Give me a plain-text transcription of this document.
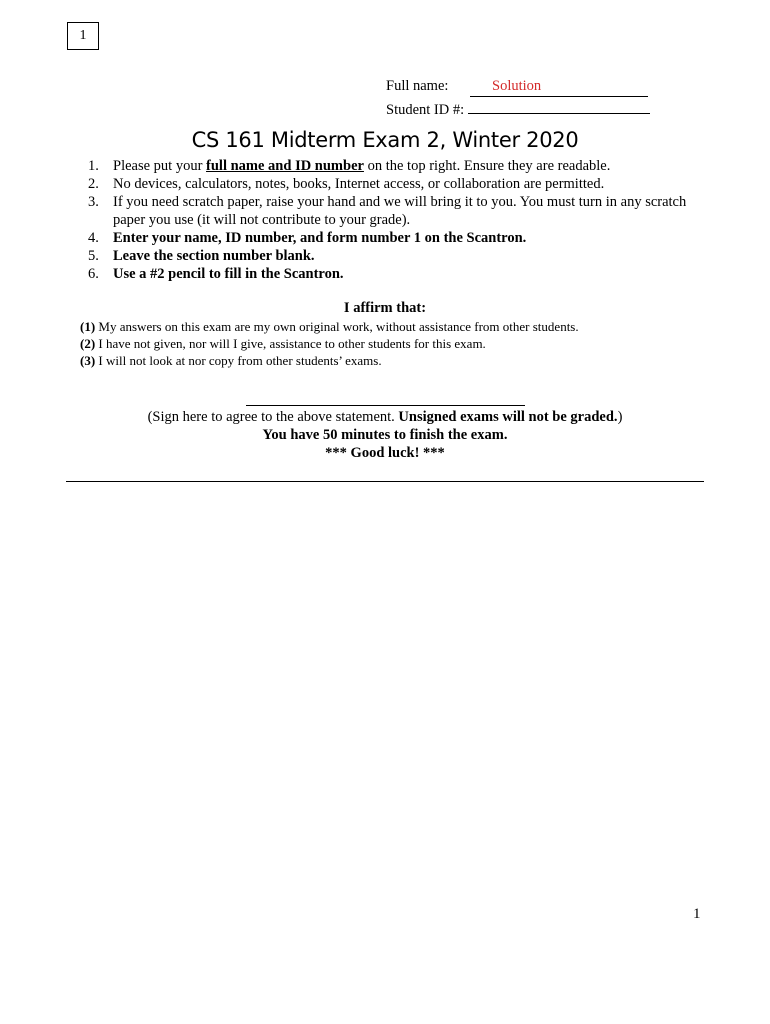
1
Full name:	Solution
Student ID #:
CS 161 Midterm Exam 2, Winter 2020
1. Please put your full name and ID number on the top right. Ensure they are readable.
2. No devices, calculators, notes, books, Internet access, or collaboration are permitted.
3. If you need scratch paper, raise your hand and we will bring it to you. You must turn in any scratch paper you use (it will not contribute to your grade).
4. Enter your name, ID number, and form number 1 on the Scantron.
5. Leave the section number blank.
6. Use a #2 pencil to fill in the Scantron.
I affirm that:
(1) My answers on this exam are my own original work, without assistance from other students.
(2) I have not given, nor will I give, assistance to other students for this exam.
(3) I will not look at nor copy from other students’ exams.
(Sign here to agree to the above statement. Unsigned exams will not be graded.)
You have 50 minutes to finish the exam.
*** Good luck! ***
1
